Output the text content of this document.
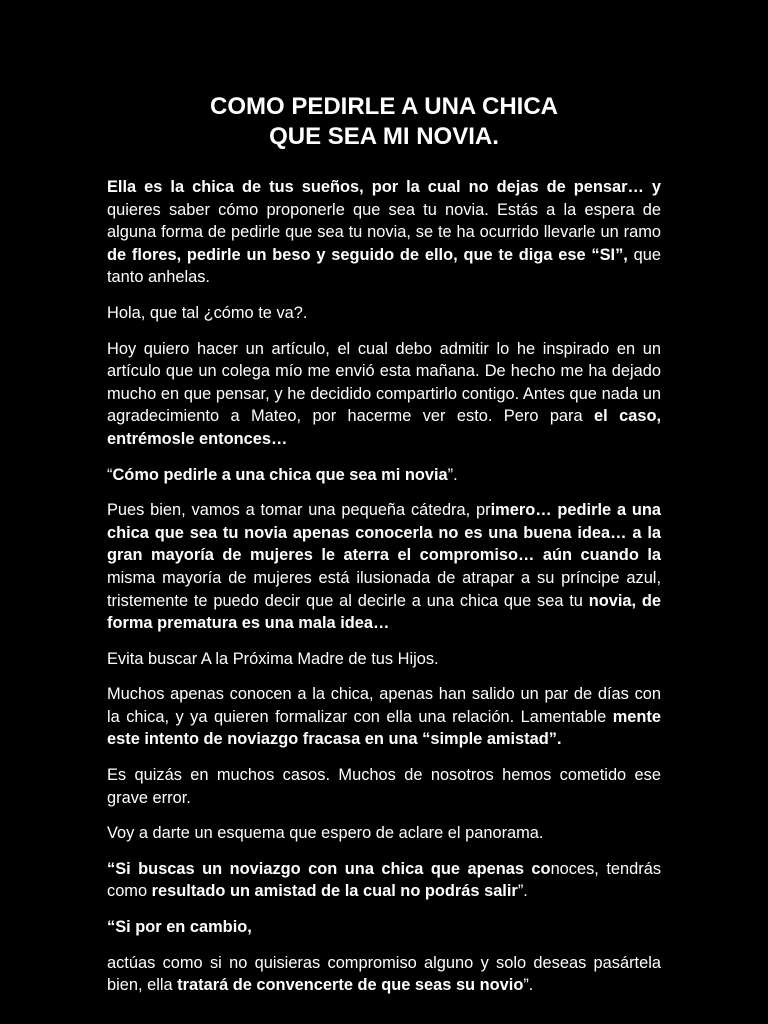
COMO PEDIRLE A UNA CHICA
QUE SEA MI NOVIA.

Ella es la chica de tus sueños, por la cual no dejas de pensar… y quieres saber cómo proponerle que sea tu novia. Estás a la espera de alguna forma de pedirle que sea tu novia, se te ha ocurrido llevarle un ramo de flores, pedirle un beso y seguido de ello, que te diga ese “SI”, que tanto anhelas.

Hola, que tal ¿cómo te va?.

Hoy quiero hacer un artículo, el cual debo admitir lo he inspirado en un artículo que un colega mío me envió esta mañana. De hecho me ha dejado mucho en que pensar, y he decidido compartirlo contigo. Antes que nada un agradecimiento a Mateo, por hacerme ver esto. Pero para el caso, entrémosle entonces…

“Cómo pedirle a una chica que sea mi novia”.

Pues bien, vamos a tomar una pequeña cátedra, primero… pedirle a una chica que sea tu novia apenas conocerla no es una buena idea… a la gran mayoría de mujeres le aterra el compromiso… aún cuando la misma mayoría de mujeres está ilusionada de atrapar a su príncipe azul, tristemente te puedo decir que al decirle a una chica que sea tu novia, de forma prematura es una mala idea…

Evita buscar A la Próxima Madre de tus Hijos.

Muchos apenas conocen a la chica, apenas han salido un par de días con la chica, y ya quieren formalizar con ella una relación. Lamentable mente este intento de noviazgo fracasa en una “simple amistad”.

Es quizás en muchos casos. Muchos de nosotros hemos cometido ese grave error.

Voy a darte un esquema que espero de aclare el panorama.

“Si buscas un noviazgo con una chica que apenas conoces, tendrás como resultado un amistad de la cual no podrás salir”.

“Si por en cambio,

actúas como si no quisieras compromiso alguno y solo deseas pasártela bien, ella tratará de convencerte de que seas su novio”.
